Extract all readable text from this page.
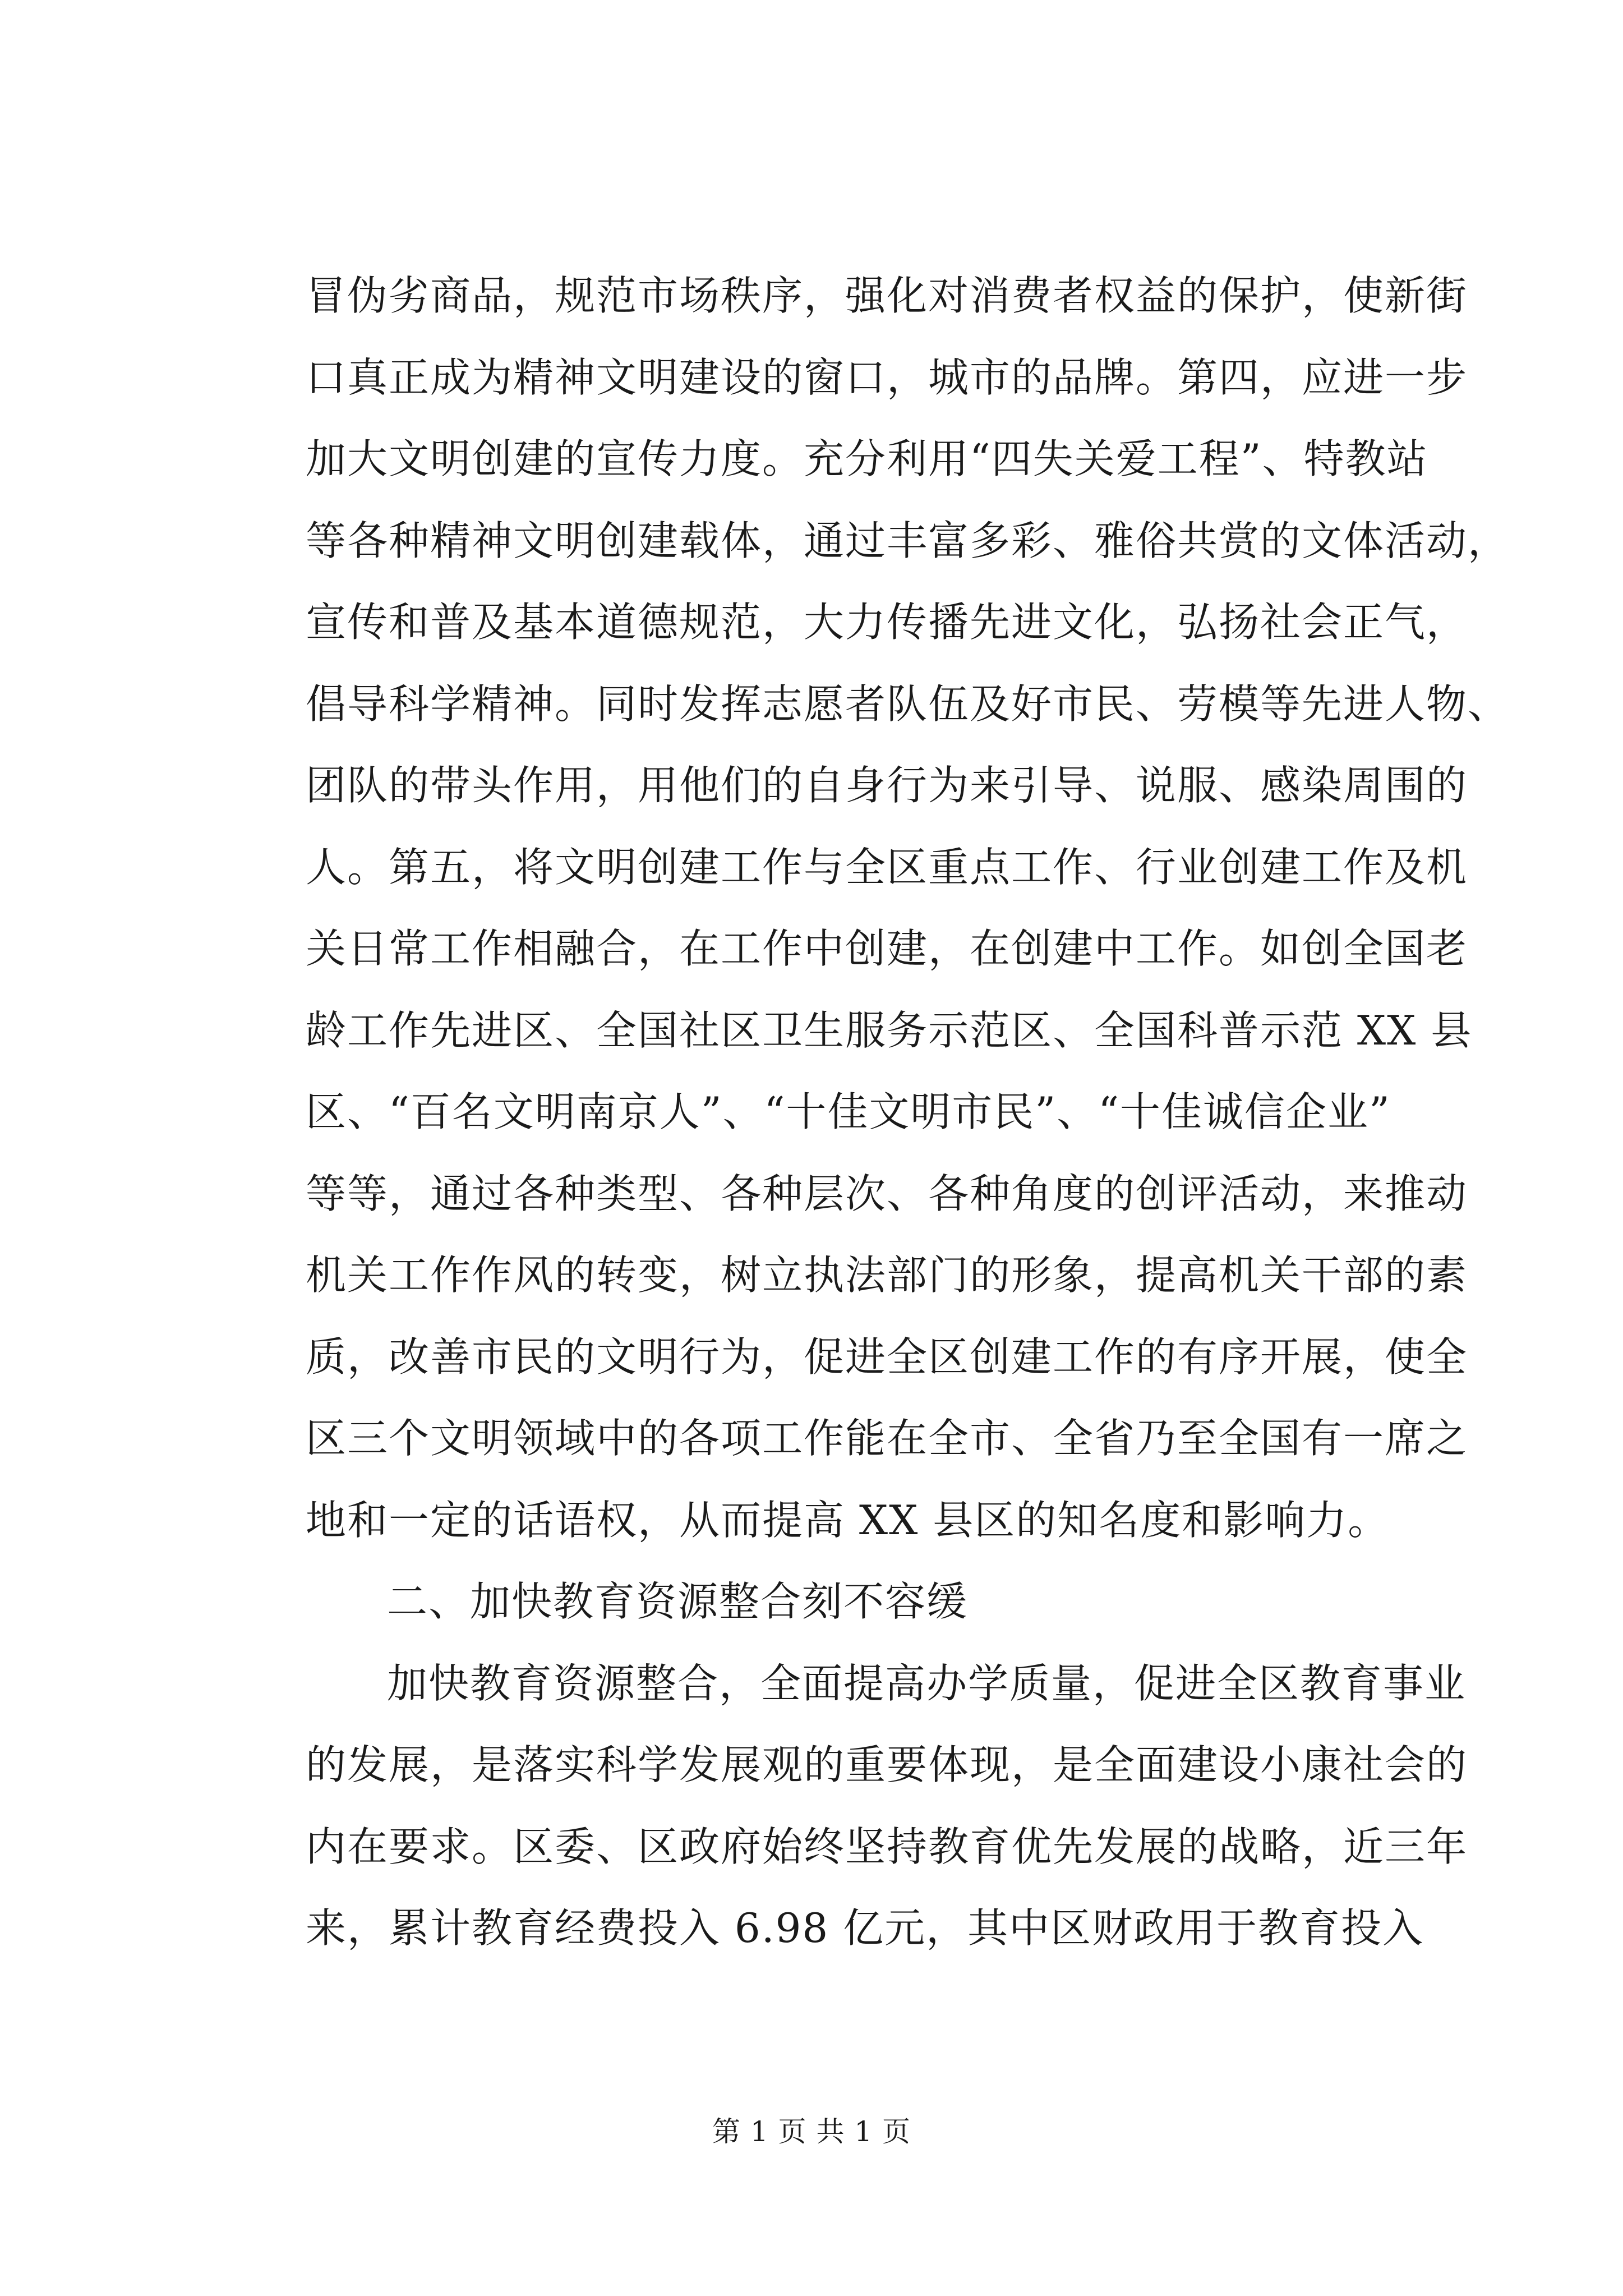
冒伪劣商品，规范市场秩序，强化对消费者权益的保护，使新街
口真正成为精神文明建设的窗口，城市的品牌。第四，应进一步
加大文明创建的宣传力度。充分利用“四失关爱工程”、特教站
等各种精神文明创建载体，通过丰富多彩、雅俗共赏的文体活动，
宣传和普及基本道德规范，大力传播先进文化，弘扬社会正气，
倡导科学精神。同时发挥志愿者队伍及好市民、劳模等先进人物、
团队的带头作用，用他们的自身行为来引导、说服、感染周围的
人。第五，将文明创建工作与全区重点工作、行业创建工作及机
关日常工作相融合，在工作中创建，在创建中工作。如创全国老
龄工作先进区、全国社区卫生服务示范区、全国科普示范 XX 县
区、“百名文明南京人”、“十佳文明市民”、“十佳诚信企业”
等等，通过各种类型、各种层次、各种角度的创评活动，来推动
机关工作作风的转变，树立执法部门的形象，提高机关干部的素
质，改善市民的文明行为，促进全区创建工作的有序开展，使全
区三个文明领域中的各项工作能在全市、全省乃至全国有一席之
地和一定的话语权，从而提高 XX 县区的知名度和影响力。
二、加快教育资源整合刻不容缓
加快教育资源整合，全面提高办学质量，促进全区教育事业
的发展，是落实科学发展观的重要体现，是全面建设小康社会的
内在要求。区委、区政府始终坚持教育优先发展的战略，近三年
来，累计教育经费投入 6.98 亿元，其中区财政用于教育投入
第 1 页 共 1 页
